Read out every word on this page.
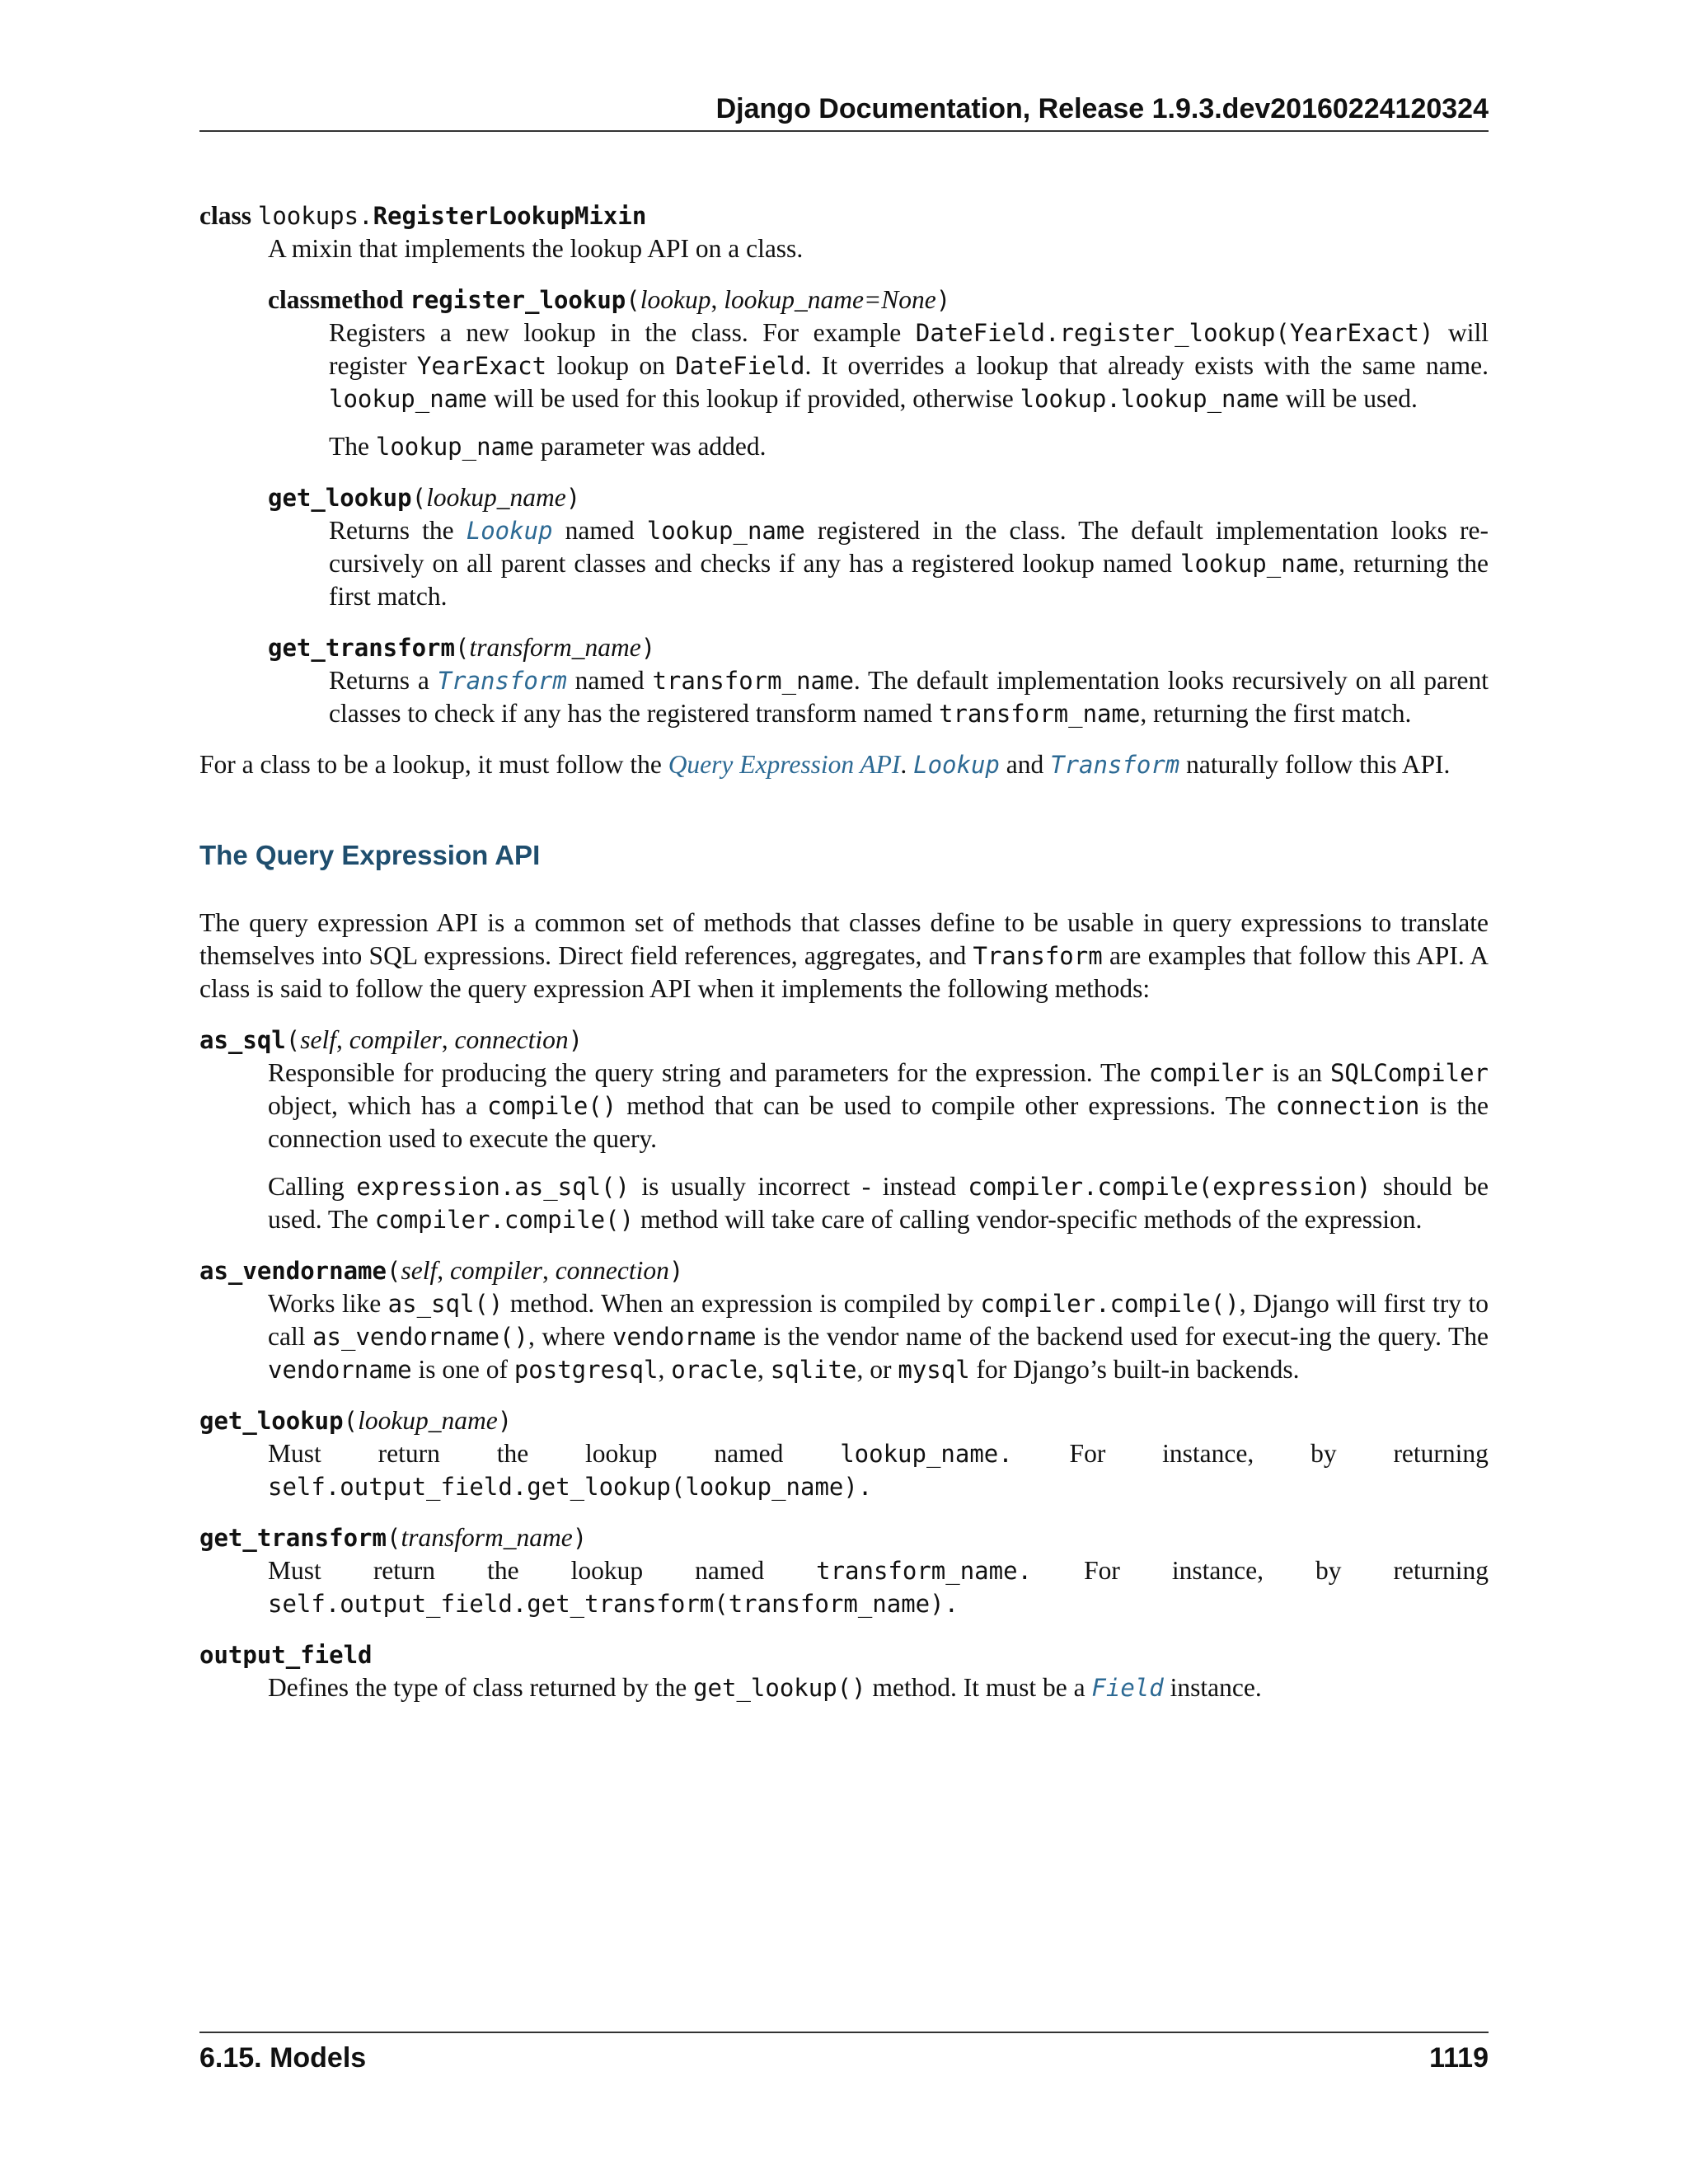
Django Documentation, Release 1.9.3.dev20160224120324

class lookups.RegisterLookupMixin

A mixin that implements the lookup API on a class.

classmethod register_lookup(lookup, lookup_name=None)

Registers a new lookup in the class. For example DateField.register_lookup(YearExact) will register YearExact lookup on DateField. It overrides a lookup that already exists with the same name. lookup_name will be used for this lookup if provided, otherwise lookup.lookup_name will be used.

The lookup_name parameter was added.

get_lookup(lookup_name)

Returns the Lookup named lookup_name registered in the class. The default implementation looks re-cursively on all parent classes and checks if any has a registered lookup named lookup_name, returning the first match.

get_transform(transform_name)

Returns a Transform named transform_name. The default implementation looks recursively on all parent classes to check if any has the registered transform named transform_name, returning the first match.

For a class to be a lookup, it must follow the Query Expression API. Lookup and Transform naturally follow this API.

The Query Expression API

The query expression API is a common set of methods that classes define to be usable in query expressions to translate themselves into SQL expressions. Direct field references, aggregates, and Transform are examples that follow this API. A class is said to follow the query expression API when it implements the following methods:

as_sql(self, compiler, connection)

Responsible for producing the query string and parameters for the expression. The compiler is an SQLCompiler object, which has a compile() method that can be used to compile other expressions. The connection is the connection used to execute the query.

Calling expression.as_sql() is usually incorrect - instead compiler.compile(expression) should be used. The compiler.compile() method will take care of calling vendor-specific methods of the expression.

as_vendorname(self, compiler, connection)

Works like as_sql() method. When an expression is compiled by compiler.compile(), Django will first try to call as_vendorname(), where vendorname is the vendor name of the backend used for execut-ing the query. The vendorname is one of postgresql, oracle, sqlite, or mysql for Django’s built-in backends.

get_lookup(lookup_name)

Must return the lookup named lookup_name. For instance, by returning
self.output_field.get_lookup(lookup_name).

get_transform(transform_name)

Must return the lookup named transform_name. For instance, by returning
self.output_field.get_transform(transform_name).

output_field

Defines the type of class returned by the get_lookup() method. It must be a Field instance.

6.15. Models	1119
